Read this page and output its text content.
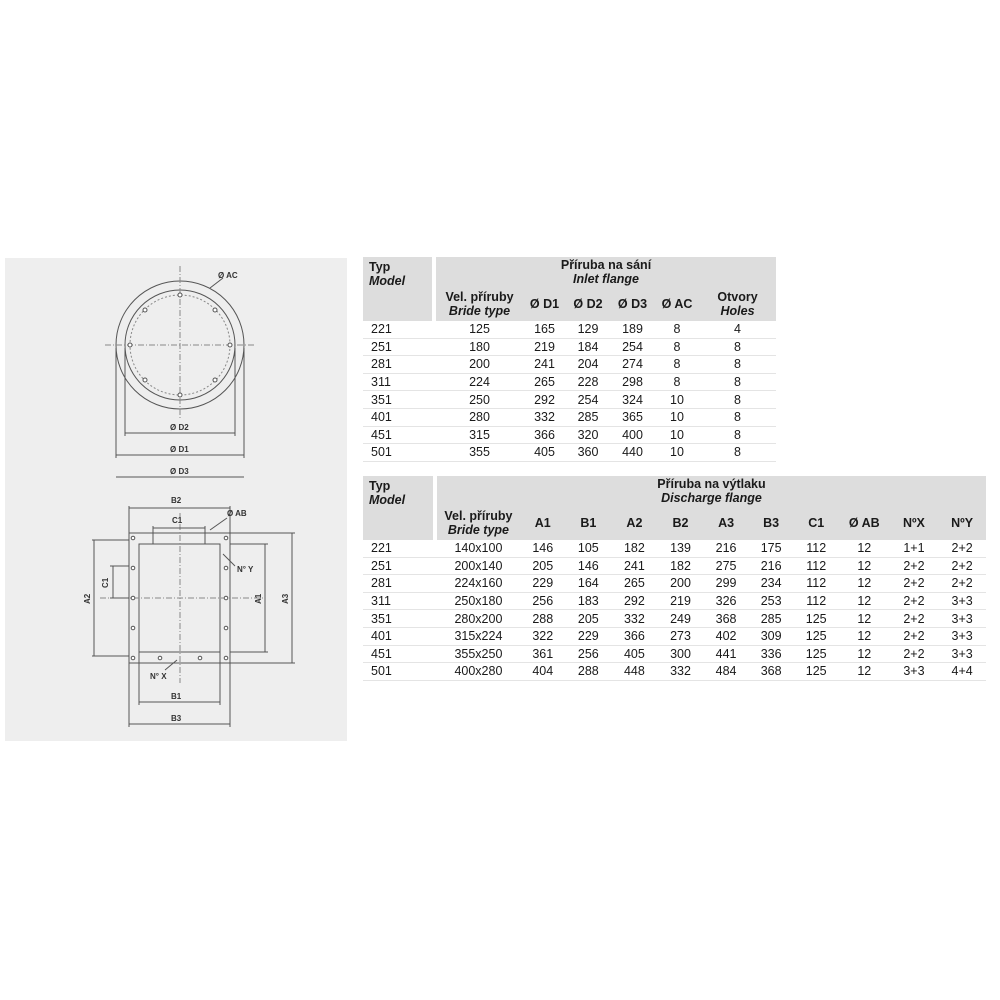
Ø AC
Ø D2
Ø D1
Ø D3
B2
C1
Ø AB
N° Y
C1
A2	A1 A3
N° X
B1
B3
Typ
Model		Příruba na sání
Inlet flange					

		Vel. příruby
Bride type	Ø D1	Ø D2	Ø D3	Ø AC	Otvory
Holes

221		125	165	129	189	8	4
251		180	219	184	254	8	8
281		200	241	204	274	8	8
311		224	265	228	298	8	8
351		250	292	254	324	10	8
401		280	332	285	365	10	8
451		315	366	320	400	10	8
501		355	405	360	440	10	8
Typ
Model		Příruba na výtlaku
Discharge flange										

		Vel. příruby
Bride type	A1	B1	A2	B2	A3	B3	C1	Ø AB	NºX	NºY

221		140x100	146	105	182	139	216	175	112	12	1+1	2+2
251		200x140	205	146	241	182	275	216	112	12	2+2	2+2
281		224x160	229	164	265	200	299	234	112	12	2+2	2+2
311		250x180	256	183	292	219	326	253	112	12	2+2	3+3
351		280x200	288	205	332	249	368	285	125	12	2+2	3+3
401		315x224	322	229	366	273	402	309	125	12	2+2	3+3
451		355x250	361	256	405	300	441	336	125	12	2+2	3+3
501		400x280	404	288	448	332	484	368	125	12	3+3	4+4
